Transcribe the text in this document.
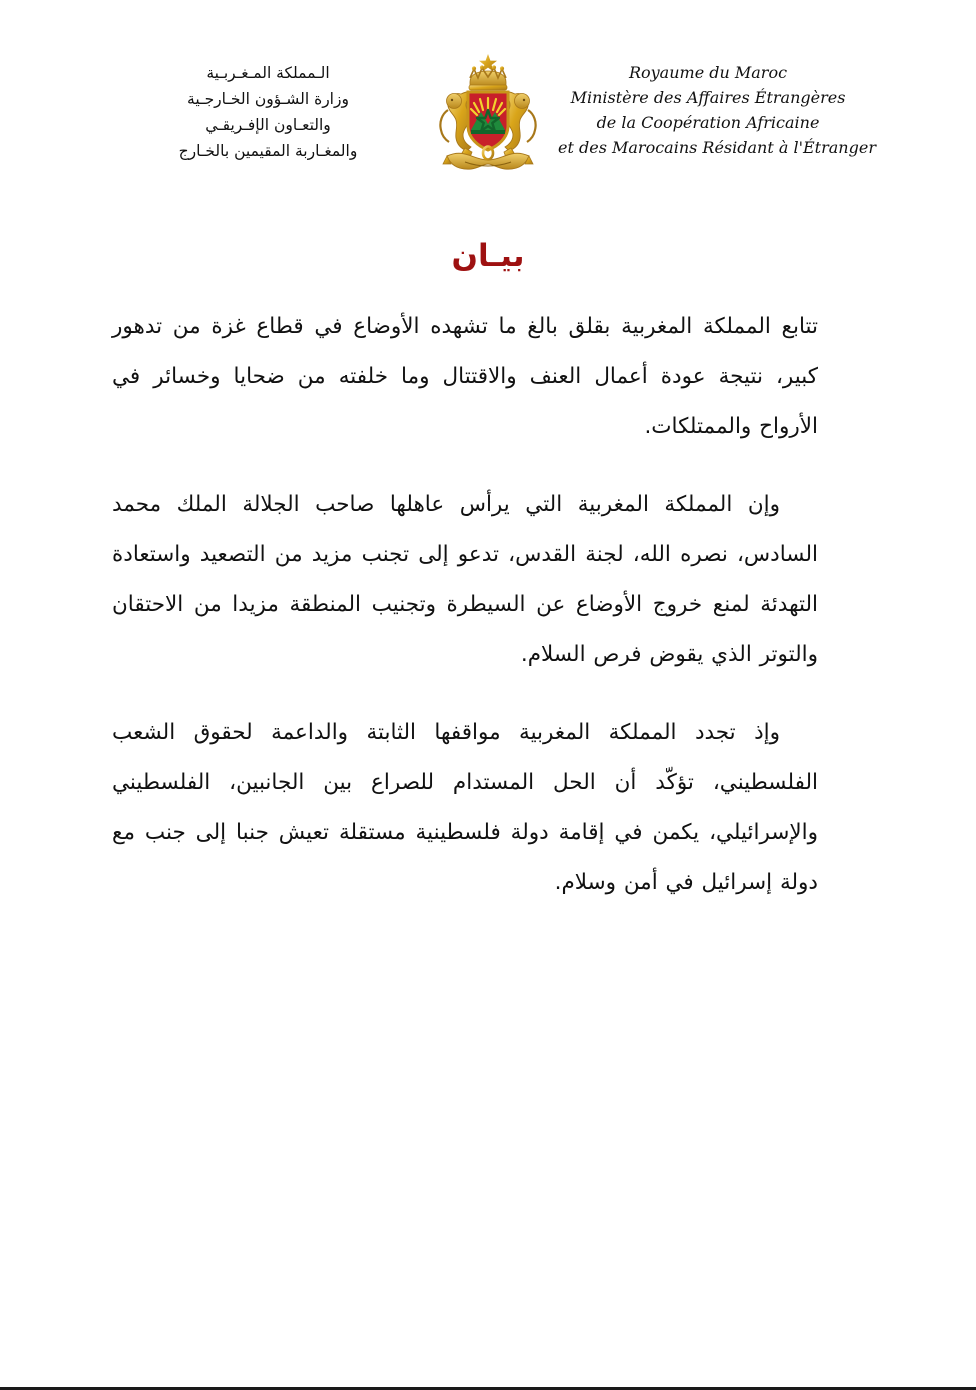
الـمملكة المـغـربـية
وزارة الشـؤون الخـارجـية
والتعـاون الإفـريقـي
والمغـاربة المقيمين بالخـارج
Royaume du Maroc
Ministère des Affaires Étrangères
de la Coopération Africaine
et des Marocains Résidant à l'Étranger
بيـان

تتابع المملكة المغربية بقلق بالغ ما تشهده الأوضاع في قطاع غزة من تدهور كبير، نتيجة عودة أعمال العنف والاقتتال وما خلفته من ضحايا وخسائر في الأرواح والممتلكات.

وإن المملكة المغربية التي يرأس عاهلها صاحب الجلالة الملك محمد السادس، نصره الله، لجنة القدس، تدعو إلى تجنب مزيد من التصعيد واستعادة التهدئة لمنع خروج الأوضاع عن السيطرة وتجنيب المنطقة مزيدا من الاحتقان والتوتر الذي يقوض فرص السلام.

وإذ تجدد المملكة المغربية مواقفها الثابتة والداعمة لحقوق الشعب الفلسطيني، تؤكّد أن الحل المستدام للصراع بين الجانبين، الفلسطيني والإسرائيلي، يكمن في إقامة دولة فلسطينية مستقلة تعيش جنبا إلى جنب مع دولة إسرائيل في أمن وسلام.
